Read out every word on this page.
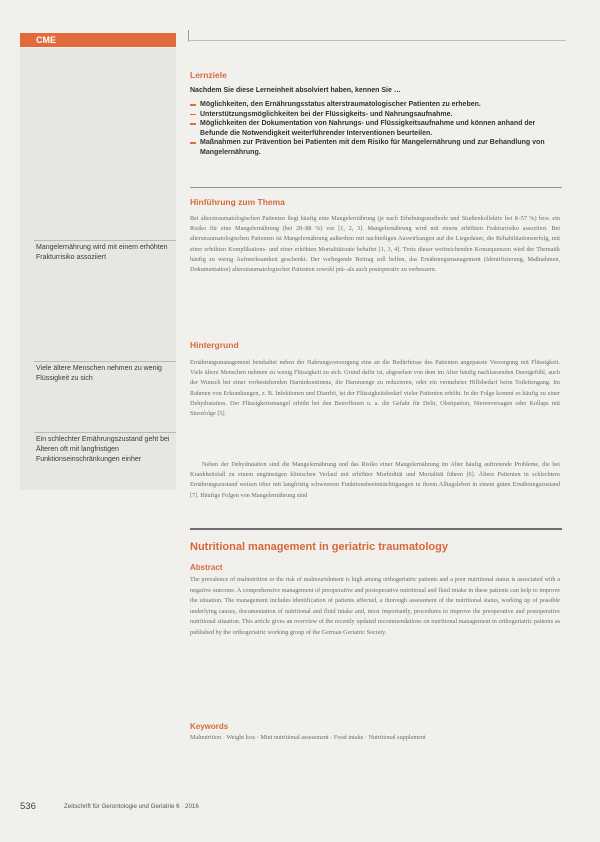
CME
Mangelernährung wird mit einem erhöhten Frakturrisiko assoziiert
Viele ältere Menschen nehmen zu wenig Flüssigkeit zu sich
Ein schlechter Ernährungszustand geht bei Älteren oft mit langfristigen Funktionseinschränkungen einher
Lernziele
Nachdem Sie diese Lerneinheit absolviert haben, kennen Sie …
Möglichkeiten, den Ernährungsstatus alterstraumatologischer Patienten zu erheben.
Unterstützungsmöglichkeiten bei der Flüssigkeits- und Nahrungsaufnahme.
Möglichkeiten der Dokumentation von Nahrungs- und Flüssigkeitsaufnahme und können anhand der Befunde die Notwendigkeit weiterführender Interventionen beurteilen.
Maßnahmen zur Prävention bei Patienten mit dem Risiko für Mangelernährung und zur Behandlung von Mangelernährung.
Hinführung zum Thema
Bei alterstraumatologischen Patienten liegt häufig eine Mangelernährung (je nach Erhebungsmethode und Studienkollektiv bei 8–57 %) bzw. ein Risiko für eine Mangelernährung (bei 28–88 %) vor [1, 2, 3]. Mangelernährung wird mit einem erhöhten Frakturrisiko assoziiert. Bei alterstraumatologischen Patienten ist Mangelernährung außerdem mit nachteiligen Auswirkungen auf die Liegedauer, die Rehabilitationserfolg, mit einer erhöhten Komplikations- und einer erhöhten Mortalitätsrate behaftet [1, 3, 4]. Trotz dieser weitreichenden Konsequenzen wird der Thematik häufig zu wenig Aufmerksamkeit geschenkt. Der vorliegende Beitrag soll helfen, das Ernährungsmanagement (Identifizierung, Maßnahmen, Dokumentation) alterstraumatologischer Patienten sowohl prä- als auch postoperativ zu verbessern.
Hintergrund
Ernährungsmanagement beinhaltet neben der Nahrungsversorgung eine an die Bedürfnisse des Patienten angepasste Versorgung mit Flüssigkeit. Viele ältere Menschen nehmen zu wenig Flüssigkeit zu sich. Grund dafür ist, abgesehen von dem im Alter häufig nachlassenden Durstgefühl, auch der Wunsch bei einer vorbestehenden Harninkontinenz, die Harnmenge zu reduzieren, oder ein vermehrter Hilfsbedarf beim Toilettengang. Im Rahmen von Erkrankungen, z. B. Infektionen und Diarrhö, ist der Flüssigkeitsbedarf vieler Patienten erhöht. In der Folge kommt es häufig zu einer Dehydratation. Der Flüssigkeitsmangel erhöht bei den Betroffenen u. a. die Gefahr für Delir, Obstipation, Nierenversagen oder Kollaps mit Sturzfolge [5].
Neben der Dehydratation sind die Mangelernährung und das Risiko einer Mangelernährung im Alter häufig auftretende Probleme, die bei Krankheitsfall zu einem ungünstigen klinischen Verlauf mit erhöhter Morbidität und Mortalität führen [6]. Ältere Patienten in schlechtem Ernährungszustand weisen öfter mit langfristig schwereren Funktionsbeeinträchtigungen in ihrem Alltagsleben in einem guten Ernährungszustand [7]. Häufige Folgen von Mangelernährung sind
Nutritional management in geriatric traumatology
Abstract
The prevalence of malnutrition or the risk of malnourishment is high among orthogeriatric patients and a poor nutritional status is associated with a negative outcome. A comprehensive management of preoperative and postoperative nutritional and fluid intake in these patients can help to improve the situation. The management includes identification of patients affected, a thorough assessment of the nutritional status, working up of possible underlying causes, documentation of nutritional and fluid intake and, most importantly, procedures to improve the preoperative and postoperative nutritional situation. This article gives an overview of the recently updated recommendations on nutritional management in orthogeriatric patients as published by the orthogeriatric working group of the German Geriatric Society.
Keywords
Malnutrition · Weight loss · Mini nutritional assessment · Food intake · Nutritional supplement
536	Zeitschrift für Gerontologie und Geriatrie 6 · 2016
